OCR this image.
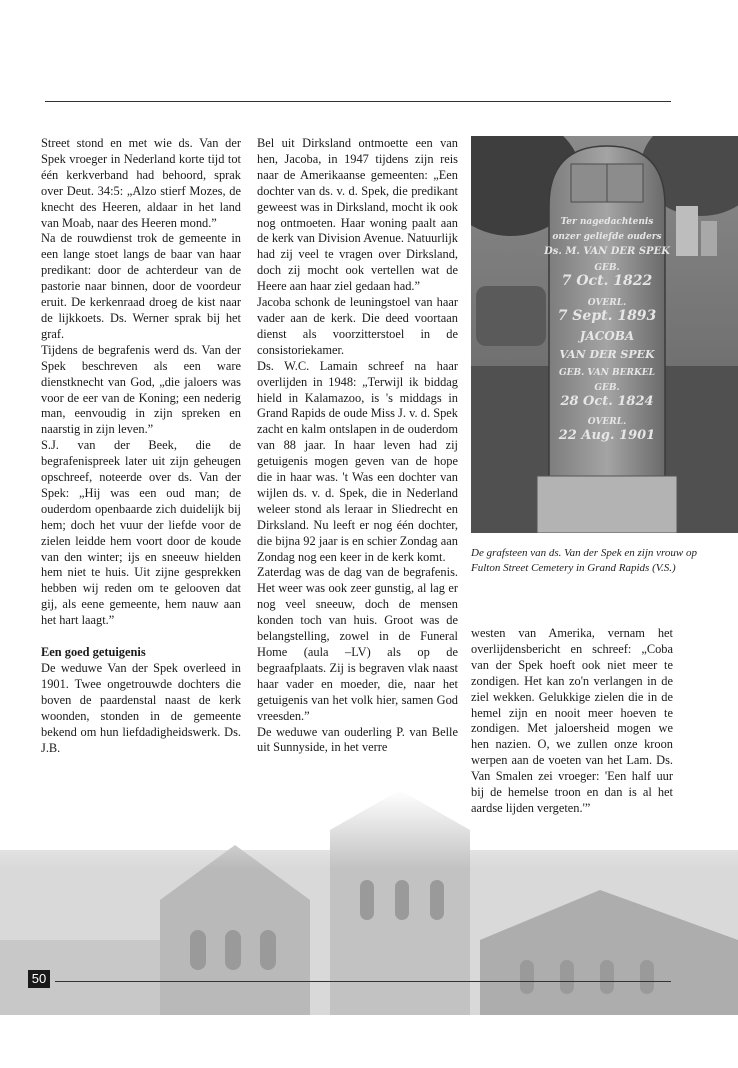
Street stond en met wie ds. Van der Spek vroeger in Nederland korte tijd tot één kerkverband had behoord, sprak over Deut. 34:5: „Alzo stierf Mozes, de knecht des Heeren, aldaar in het land van Moab, naar des Heeren mond.”

Na de rouwdienst trok de gemeente in een lange stoet langs de baar van haar predikant: door de achterdeur van de pastorie naar binnen, door de voordeur eruit. De kerkenraad droeg de kist naar de lijkkoets. Ds. Werner sprak bij het graf.

Tijdens de begrafenis werd ds. Van der Spek beschreven als een ware dienstknecht van God, „die jaloers was voor de eer van de Koning; een nederig man, eenvoudig in zijn spreken en naarstig in zijn leven.”

S.J. van der Beek, die de begrafenispreek later uit zijn geheugen opschreef, noteerde over ds. Van der Spek: „Hij was een oud man; de ouderdom openbaarde zich duidelijk bij hem; doch het vuur der liefde voor de zielen leidde hem voort door de koude van den winter; ijs en sneeuw hielden hem niet te huis. Uit zijne gesprekken hebben wij reden om te gelooven dat gij, als eene gemeente, hem nauw aan het hart laagt.”

Een goed getuigenis

De weduwe Van der Spek overleed in 1901. Twee ongetrouwde dochters die boven de paardenstal naast de kerk woonden, stonden in de gemeente bekend om hun liefdadigheidswerk. Ds. J.B.

Bel uit Dirksland ontmoette een van hen, Jacoba, in 1947 tijdens zijn reis naar de Amerikaanse gemeenten: „Een dochter van ds. v. d. Spek, die predikant geweest was in Dirksland, mocht ik ook nog ontmoeten. Haar woning paalt aan de kerk van Division Avenue. Natuurlijk had zij veel te vragen over Dirksland, doch zij mocht ook vertellen wat de Heere aan haar ziel gedaan had.”

Jacoba schonk de leuningstoel van haar vader aan de kerk. Die deed voortaan dienst als voorzitterstoel in de consistoriekamer.

Ds. W.C. Lamain schreef na haar overlijden in 1948: „Terwijl ik biddag hield in Kalamazoo, is 's middags in Grand Rapids de oude Miss J. v. d. Spek zacht en kalm ontslapen in de ouderdom van 88 jaar. In haar leven had zij getuigenis mogen geven van de hope die in haar was. 't Was een dochter van wijlen ds. v. d. Spek, die in Nederland weleer stond als leraar in Sliedrecht en Dirksland. Nu leeft er nog één dochter, die bijna 92 jaar is en schier Zondag aan Zondag nog een keer in de kerk komt.

Zaterdag was de dag van de begrafenis. Het weer was ook zeer gunstig, al lag er nog veel sneeuw, doch de mensen konden toch van huis. Groot was de belangstelling, zowel in de Funeral Home (aula –LV) als op de begraafplaats. Zij is begraven vlak naast haar vader en moeder, die, naar het getuigenis van het volk hier, samen God vreesden.”

De weduwe van ouderling P. van Belle uit Sunnyside, in het verre

Ter nagedachtenis
onzer geliefde ouders
Ds. M. VAN DER SPEK
GEB.
7 Oct. 1822
OVERL.
7 Sept. 1893
JACOBA
VAN DER SPEK
GEB. VAN BERKEL
GEB.
28 Oct. 1824
OVERL.
22 Aug. 1901
De grafsteen van ds. Van der Spek en zijn vrouw op Fulton Street Cemetery in Grand Rapids (V.S.)

westen van Amerika, vernam het overlijdensbericht en schreef: „Coba van der Spek hoeft ook niet meer te zondigen. Het kan zo'n verlangen in de ziel wekken. Gelukkige zielen die in de hemel zijn en nooit meer hoeven te zondigen. Met jaloersheid mogen we hen nazien. O, we zullen onze kroon werpen aan de voeten van het Lam. Ds. Van Smalen zei vroeger: 'Een half uur bij de hemelse troon en dan is al het aardse lijden vergeten.'”

50
